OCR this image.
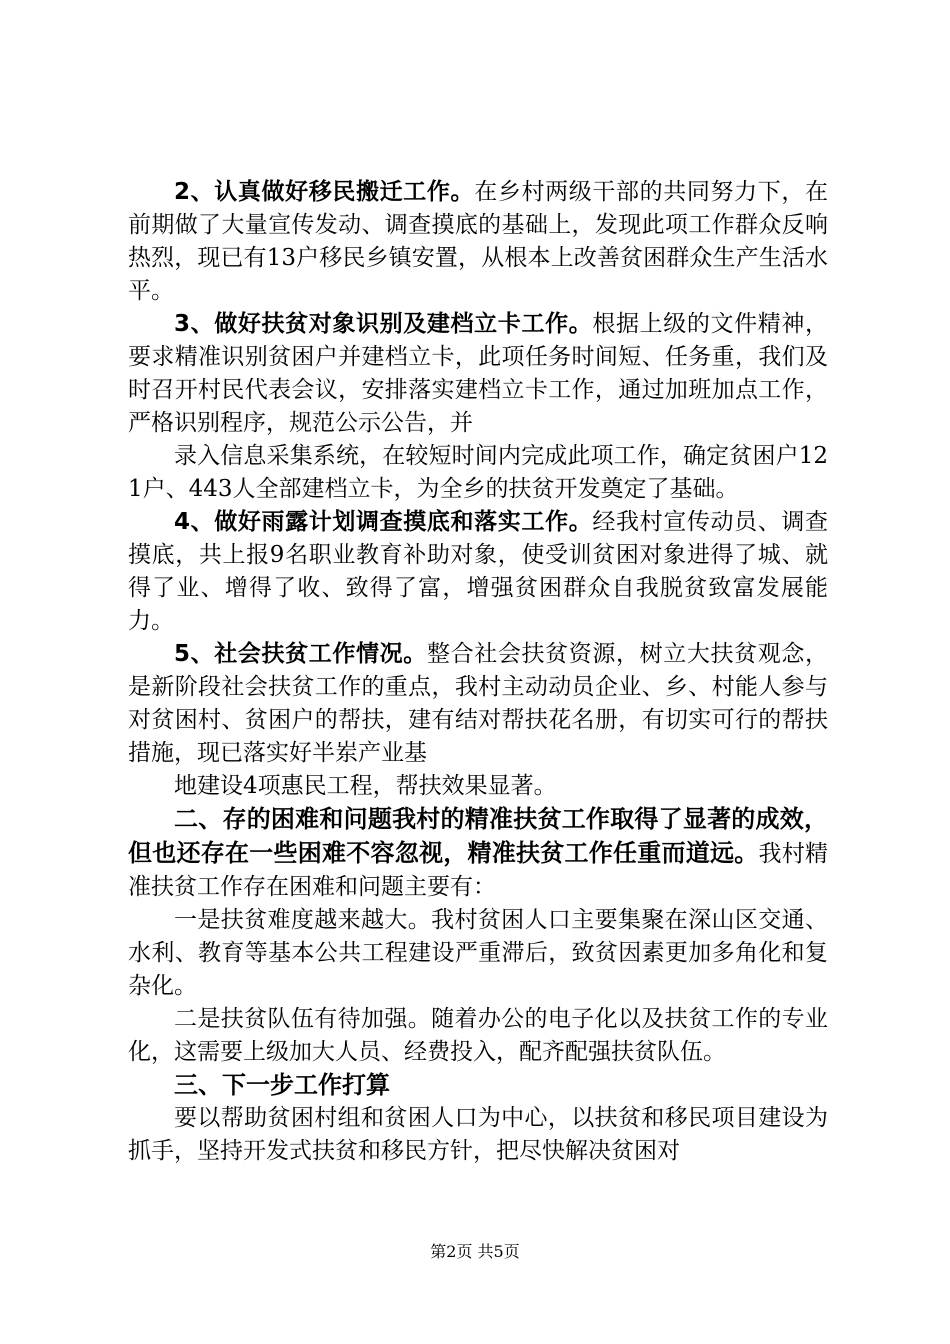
2、认真做好移民搬迁工作。在乡村两级干部的共同努力下，在前期做了大量宣传发动、调查摸底的基础上，发现此项工作群众反响热烈，现已有13户移民乡镇安置，从根本上改善贫困群众生产生活水平。

3、做好扶贫对象识别及建档立卡工作。根据上级的文件精神，要求精准识别贫困户并建档立卡，此项任务时间短、任务重，我们及时召开村民代表会议，安排落实建档立卡工作，通过加班加点工作，严格识别程序，规范公示公告，并

录入信息采集系统，在较短时间内完成此项工作，确定贫困户121户、443人全部建档立卡，为全乡的扶贫开发奠定了基础。

4、做好雨露计划调查摸底和落实工作。经我村宣传动员、调查摸底，共上报9名职业教育补助对象，使受训贫困对象进得了城、就得了业、增得了收、致得了富，增强贫困群众自我脱贫致富发展能力。

5、社会扶贫工作情况。整合社会扶贫资源，树立大扶贫观念，是新阶段社会扶贫工作的重点，我村主动动员企业、乡、村能人参与对贫困村、贫困户的帮扶，建有结对帮扶花名册，有切实可行的帮扶措施，现已落实好半岽产业基

地建设4项惠民工程，帮扶效果显著。

二、存的困难和问题我村的精准扶贫工作取得了显著的成效，但也还存在一些困难不容忽视，精准扶贫工作任重而道远。我村精准扶贫工作存在困难和问题主要有：

一是扶贫难度越来越大。我村贫困人口主要集聚在深山区交通、水利、教育等基本公共工程建设严重滞后，致贫因素更加多角化和复杂化。

二是扶贫队伍有待加强。随着办公的电子化以及扶贫工作的专业化，这需要上级加大人员、经费投入，配齐配强扶贫队伍。

三、下一步工作打算

要以帮助贫困村组和贫困人口为中心，以扶贫和移民项目建设为抓手，坚持开发式扶贫和移民方针，把尽快解决贫困对

第2页 共5页
